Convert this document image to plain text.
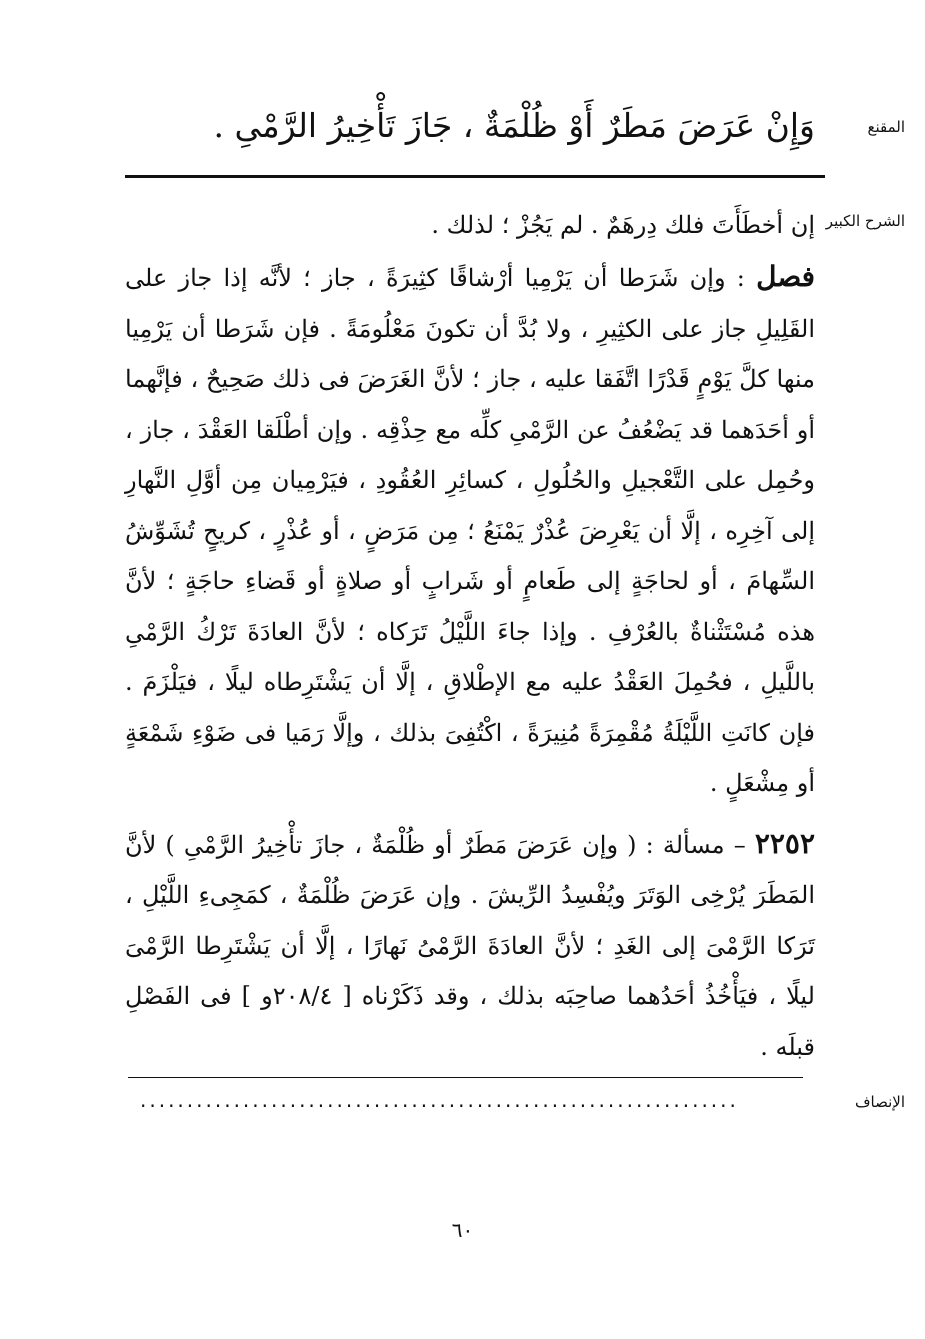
المقنع
وَإِنْ عَرَضَ مَطَرٌ أَوْ ظُلْمَةٌ ، جَازَ تَأْخِيرُ الرَّمْىِ .
الشرح الكبير
إن أخطَأَتَ فلك دِرهَمٌ . لم يَجُزْ ؛ لذلك .

فصل : وإن شَرَطا أن يَرْمِيا أرْشاقًا كثِيرَةً ، جاز ؛ لأنَّه إذا جاز على القَلِيلِ جاز على الكثِيرِ ، ولا بُدَّ أن تكونَ مَعْلُومَةً . فإن شَرَطا أن يَرْمِيا منها كلَّ يَوْمٍ قَدْرًا اتَّفَقا عليه ، جاز ؛ لأنَّ الغَرَضَ فى ذلك صَحِيحٌ ، فإنَّهما أو أحَدَهما قد يَضْعُفُ عن الرَّمْىِ كلِّه مع حِذْقِه . وإن أطْلَقا العَقْدَ ، جاز ، وحُمِل على التَّعْجيلِ والحُلُولِ ، كسائِرِ العُقُودِ ، فيَرْمِيان مِن أوَّلِ النَّهارِ إلى آخِرِه ، إلَّا أن يَعْرِضَ عُذْرٌ يَمْنَعُ ؛ مِن مَرَضٍ ، أو عُذْرٍ ، كريحٍ تُشَوِّشُ السِّهامَ ، أو لحاجَةٍ إلى طَعامٍ أو شَرابٍ أو صلاةٍ أو قَضاءِ حاجَةٍ ؛ لأنَّ هذه مُسْتَثْناةٌ بالعُرْفِ . وإذا جاءَ اللَّيْلُ تَرَكاه ؛ لأنَّ العادَةَ تَرْكُ الرَّمْىِ باللَّيلِ ، فحُمِلَ العَقْدُ عليه مع الإطْلاقِ ، إلَّا أن يَشْتَرِطاه ليلًا ، فيَلْزَمَ . فإن كانَتِ اللَّيْلَةُ مُقْمِرَةً مُنِيرَةً ، اكْتُفِىَ بذلك ، وإلَّا رَمَيا فى ضَوْءِ شَمْعَةٍ أو مِشْعَلٍ .

٢٢٥٢ – مسألة : ( وإن عَرَضَ مَطَرٌ أو ظُلْمَةٌ ، جازَ تأْخِيرُ الرَّمْىِ ) لأنَّ المَطَرَ يُرْخِى الوَتَرَ ويُفْسِدُ الرِّيشَ . وإن عَرَضَ ظُلْمَةٌ ، كمَجِىءِ اللَّيْلِ ، تَرَكا الرَّمْىَ إلى الغَدِ ؛ لأنَّ العادَةَ الرَّمْىُ نَهارًا ، إلَّا أن يَشْتَرِطا الرَّمْىَ ليلًا ، فيَأْخُذُ أحَدُهما صاحِبَه بذلك ، وقد ذَكَرْناه [ ٢٠٨/٤و ] فى الفَصْلِ قبلَه .

الإنصاف
................................................................
٦٠
